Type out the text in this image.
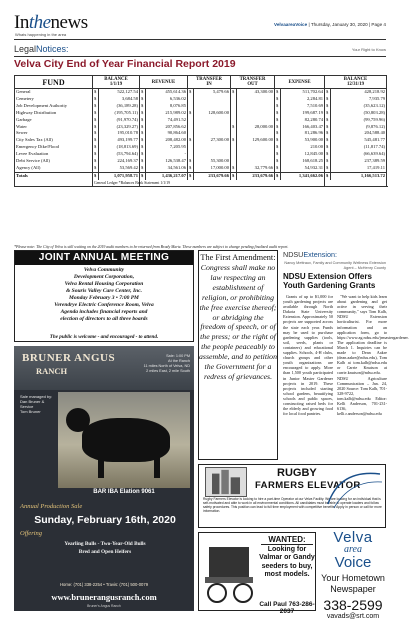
Inthenews
Whats happening in the area
VelvaareaVoice | Thursday, January 30, 2020 | Page 4
LegalNotices:	Your Right to Know
Velva City End of Year Financial Report 2019
FUND	BALANCE
1/1/19		REVENUE		TRANSFER
IN		TRANSFER
OUT		EXPENSE		BALANCE
12/31/19		
General	$	522,127.54	$	455,614.36	$	5,479.66	$	43,300.00	$	511,702.64	$	428,218.92	
Cemetery	$	3,684.58	$	6,536.02					$	2,284.81	$	7,935.79	
Job Development Authority	$	(36,189.28)	$	8,076.85					$	7,510.69	$	(35,623.12)	
Highway Distribution	$	(195,705.11)	$	215,989.02	$	128,600.00			$	199,687.19	$	(50,803.28)	
Garbage	$	(91,970.74)	$	74,491.52					$	82,280.74	$	(99,759.96)	
Water	$	(23,329.27)	$	207,856.62			$	28,000.00	$	166,403.47	$	(9,876.12)	
Sewer	$	195,010.78	$	90,864.60					$	81,286.96	$	204,588.40	
City Sales Tax (All)	$	493,199.77	$	208,482.00	$	27,300.00	$	129,600.00	$	53,900.00	$	545,481.77	
Emergency Dike/Flood	$	(18,813.69)	$	7,205.95					$	210.00	$	(11,817.74)	
Levee Evaluation	$	(53,794.64)	$	-					$	12,845.00	$	(66,639.64)	
Debt Service (All)	$	224,169.37	$	126,538.47	$	55,300.00			$	168,618.25	$	237,389.59	
Agency (All)	$	53,569.42	$	34,561.06	$	17,000.00	$	32,779.66	$	54,932.31	$	17,419.11	
Totals	$	1,071,958.71	$	1,436,217.07	$	233,679.66	$	233,679.66	$	1,341,662.06	$	1,166,513.72	
	General Ledger *Balances Bank Statement 1/1/19			
*Please note: The City of Velva is still waiting on the 2019 audit numbers to be returned from Brady Martz. These numbers are subject to change pending finalized audit report.
JOINT ANNUAL MEETING
Velva Community
Development Corporation,
Velva Rental Housing Corporation
& Souris Valley Care Center, Inc.
Monday February 3 • 7:00 PM
Verendrye Electric Conference Room, Velva
Agenda includes financial reports and
election of directors to all three boards
The public is welcome - and encouraged - to attend.
The First Amendment:
Congress shall make no law respecting an establishment of religion, or prohibiting the free exercise thereof; or abridging the freedom of speech, or of the press; or the right of the people peaceably to assemble, and to petition the Government for a redress of grievances.
NDSUExtension:
Nancy Mettraux, Family and Community Wellness Extension
Agent – McHenry County
NDSU Extension Offers Youth Gardening Grants

Grants of up to $1,000 for youth gardening projects are available through North Dakota State University Extension. Approximately 50 projects are supported across the state each year. Funds may be used to purchase gardening supplies (tools, soil, seeds, plants or containers) and educational supplies. Schools, 4-H clubs, church groups and other youth organizations are encouraged to apply. More than 1,500 youth participated in Junior Master Gardener projects in 2019. These projects included starting school gardens, beautifying schools and public spaces, constructing raised beds for the elderly and growing food for local food pantries.

"We want to help kids learn about gardening and get active in serving their community," says Tom Kalb, NDSU Extension horticulturist. For more information and an application form, go to https://www.ag.ndsu.edu/jrmastergardener. The application deadline is March 1. Inquiries can be made to Dean Aakre (dean.aakre@ndsu.edu), Tom Kalb at tom.kalb@ndsu.edu or Carrie Knutson at carrie.knutson@ndsu.edu. NDSU Agriculture Communication – Jan. 24, 2020 Source: Tom Kalb, 701-328-9722, tom.kalb@ndsu.edu Editor: Kelli Anderson, 701-231-6136, kelli.r.anderson@ndsu.edu

BRUNER ANGUS
RANCH
Sale: 1:00 PM
At the Ranch
11 miles North of Velva, ND
2 miles East, 2 mile South
Sale managed by:
Dan Bruner & Service
Tom Bruner
BAR IBA Elation 9061
Annual Production Sale
Sunday, February 16th, 2020
Offering
Yearling Bulls - Two-Year-Old Bulls
Bred and Open Heifers
Home: (701) 338-2254 • Travis: (701) 500-0079
www.brunerangusranch.com
Bruner's Angus Ranch
RUGBY
FARMERS ELEVATOR
Rugby Farmers Elevator is looking to hire a part-time Operator at our Velva Facility. We are looking for an individual that is self-motivated and able to work in all environmental conditions. All candidates must be able to operate loaders and follow safety procedures. This position can lead to full time employment with competitive benefits. Apply in person or call for more information.
WANTED:
Looking for Valmar or Gandy seeders to buy, most models.
Call Paul 763-286-2037
Velva
area
Voice
Your Hometown Newspaper
338-2599
vavads@srt.com
